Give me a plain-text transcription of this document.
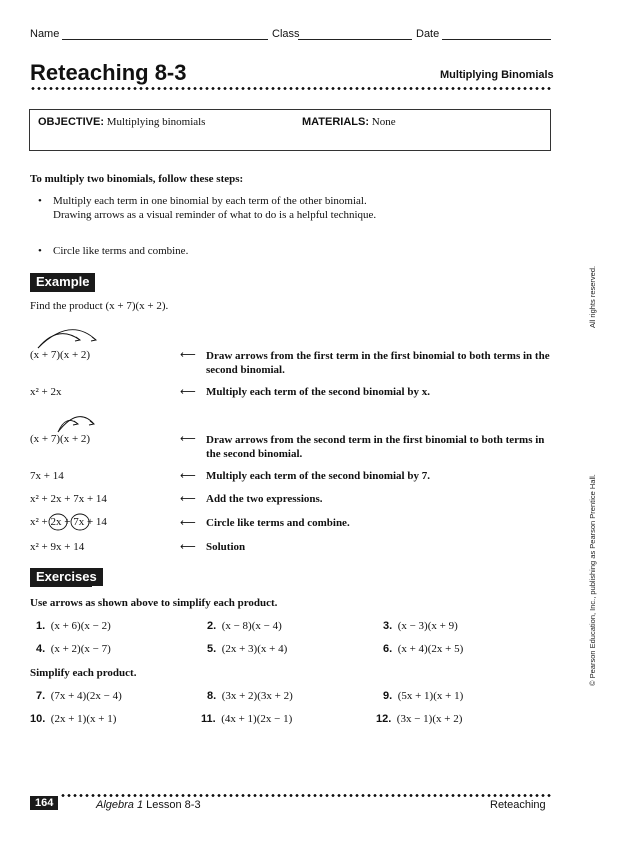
Name	Class	Date
Reteaching 8-3	Multiplying Binomials
OBJECTIVE: Multiplying binomials	MATERIALS: None
To multiply two binomials, follow these steps:
•	Multiply each term in one binomial by each term of the other binomial. Drawing arrows as a visual reminder of what to do is a helpful technique.
•	Circle like terms and combine.
Example
Find the product (x + 7)(x + 2).
(x + 7)(x + 2)	⟵ Draw arrows from the first term in the first binomial to both terms in the second binomial.
x² + 2x	⟵ Multiply each term of the second binomial by x.
(x + 7)(x + 2)	⟵ Draw arrows from the second term in the first binomial to both terms in the second binomial.
7x + 14	⟵ Multiply each term of the second binomial by 7.
x² + 2x + 7x + 14	⟵ Add the two expressions.
x² + 2x + 7x + 14	⟵ Circle like terms and combine.
x² + 9x + 14	⟵ Solution
Exercises
Use arrows as shown above to simplify each product.
1. (x + 6)(x − 2)	2. (x − 8)(x − 4)	3. (x − 3)(x + 9)
4. (x + 2)(x − 7)	5. (2x + 3)(x + 4)	6. (x + 4)(2x + 5)
Simplify each product.
7. (7x + 4)(2x − 4)	8. (3x + 2)(3x + 2)	9. (5x + 1)(x + 1)
10. (2x + 1)(x + 1)	11. (4x + 1)(2x − 1)	12. (3x − 1)(x + 2)
164	Algebra 1 Lesson 8-3	Reteaching
All rights reserved.
© Pearson Education, Inc., publishing as Pearson Prentice Hall.
